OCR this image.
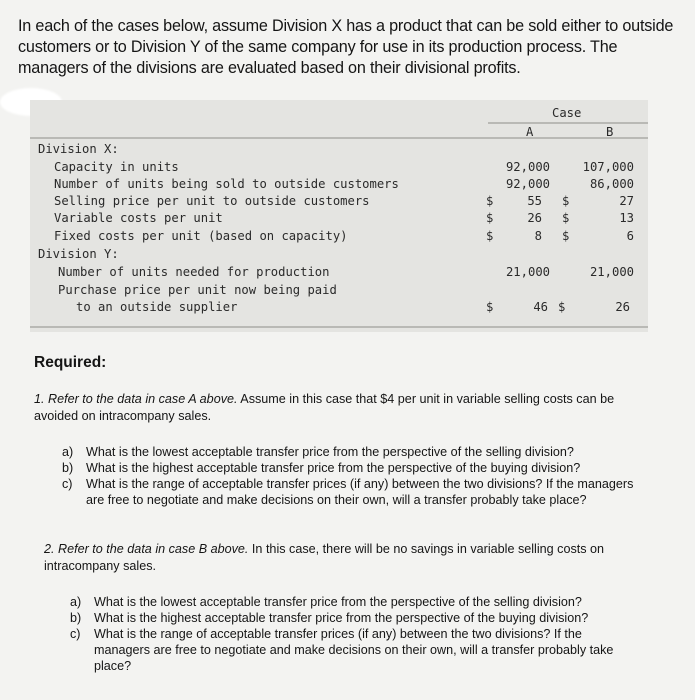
In each of the cases below, assume Division X has a product that can be sold either to outside customers or to Division Y of the same company for use in its production process. The managers of the divisions are evaluated based on their divisional profits.
Case
A	B
Division X:
Capacity in units	92,000	107,000
Number of units being sold to outside customers	92,000	86,000
Selling price per unit to outside customers	$	55 $	27
Variable costs per unit	$	26 $	13
Fixed costs per unit (based on capacity)	$	8 $	6
Division Y:
Number of units needed for production	21,000	21,000
Purchase price per unit now being paid
to an outside supplier	$	46 $	26
Required:
1. Refer to the data in case A above. Assume in this case that $4 per unit in variable selling costs can be avoided on intracompany sales.
a)	What is the lowest acceptable transfer price from the perspective of the selling division?
b)	What is the highest acceptable transfer price from the perspective of the buying division?
c)	What is the range of acceptable transfer prices (if any) between the two divisions? If the managers are free to negotiate and make decisions on their own, will a transfer probably take place?
2. Refer to the data in case B above. In this case, there will be no savings in variable selling costs on intracompany sales.
a)	What is the lowest acceptable transfer price from the perspective of the selling division?
b)	What is the highest acceptable transfer price from the perspective of the buying division?
c)	What is the range of acceptable transfer prices (if any) between the two divisions? If the managers are free to negotiate and make decisions on their own, will a transfer probably take place?
